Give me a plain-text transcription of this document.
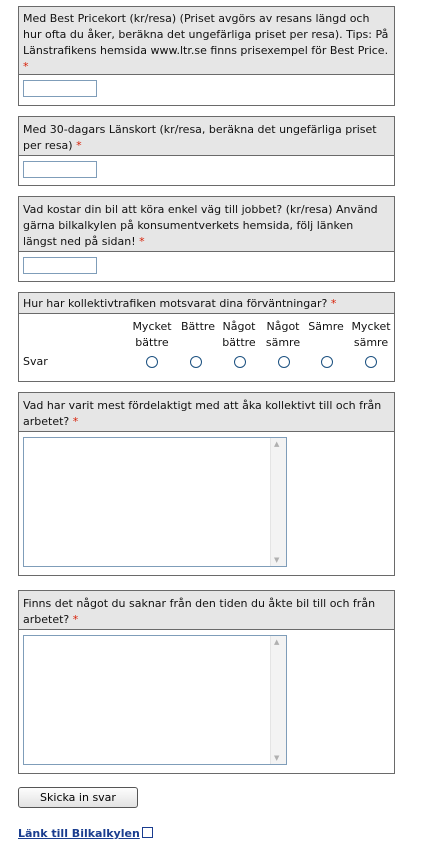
Med Best Pricekort (kr/resa) (Priset avgörs av resans längd och hur ofta du åker, beräkna det ungefärliga priset per resa). Tips: På Länstrafikens hemsida www.ltr.se finns prisexempel för Best Price. *
Med 30-dagars Länskort (kr/resa, beräkna det ungefärliga priset per resa) *
Vad kostar din bil att köra enkel väg till jobbet? (kr/resa) Använd gärna bilkalkylen på konsumentverkets hemsida, följ länken längst ned på sidan! *
Hur har kollektivtrafiken motsvarat dina förväntningar? *
Svar
Mycket bättre
Bättre Något bättre
Något sämre
Sämre Mycket sämre
Vad har varit mest fördelaktigt med att åka kollektivt till och från arbetet? *
▲
▼
Finns det något du saknar från den tiden du åkte bil till och från arbetet? *
▲
▼
Skicka in svar
Länk till Bilkalkylen
